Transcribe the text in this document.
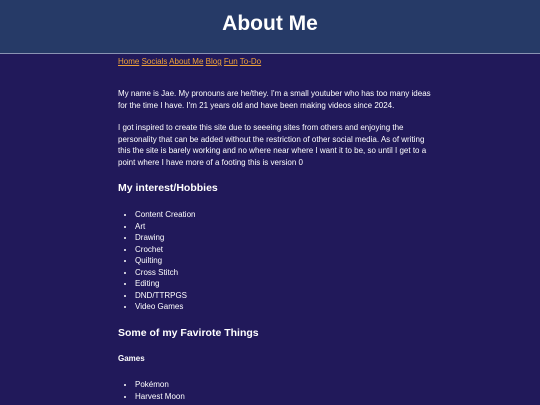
About Me
Home Socials About Me Blog Fun To-Do

My name is Jae. My pronouns are he/they. I'm a small youtuber who has too many ideas for the time I have. I'm 21 years old and have been making videos since 2024.

I got inspired to create this site due to seeeing sites from others and enjoying the personality that can be added without the restriction of other social media. As of writing this the site is barely working and no where near where I want it to be, so until I get to a point where I have more of a footing this is version 0

My interest/Hobbies
• Content Creation
• Art
• Drawing
• Crochet
• Quilting
• Cross Stitch
• Editing
• DND/TTRPGS
• Video Games
Some of my Favirote Things
Games
• Pokémon
• Harvest Moon
